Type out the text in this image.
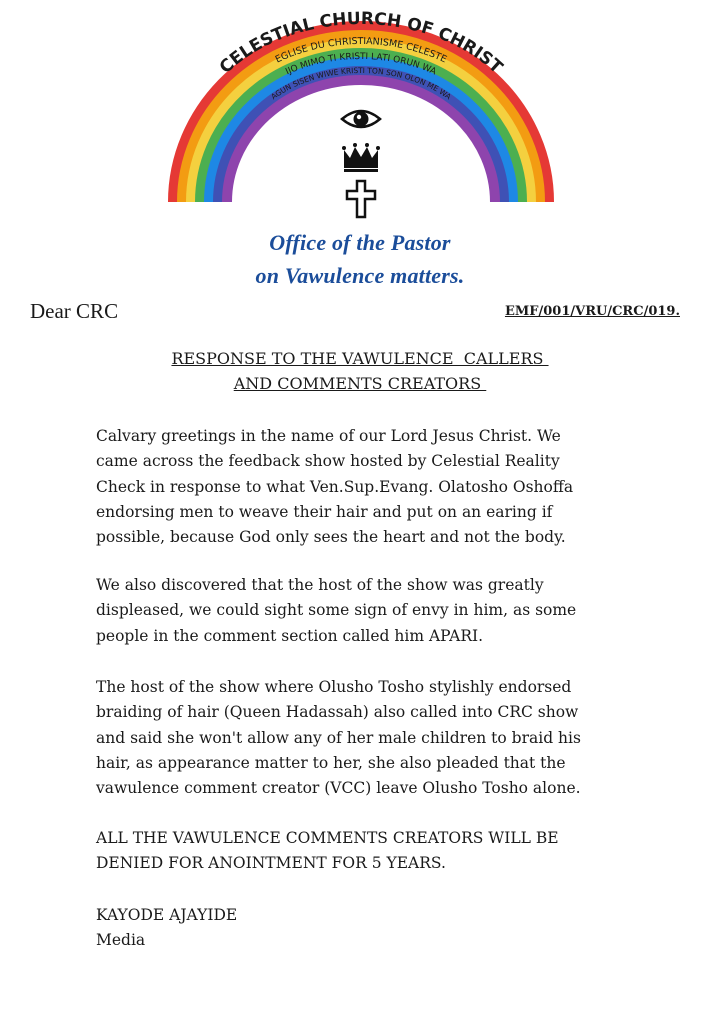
CELESTIAL CHURCH OF CHRIST
EGLISE DU CHRISTIANISME CELESTE
IJO MIMO TI KRISTI LATI ORUN WA
AGUN SISEN WIWE KRISTI TON SON OLON ME WA
Office of the Pastor
on Vawulence matters.
Dear CRC	EMF/001/VRU/CRC/019.
RESPONSE TO THE VAWULENCE  CALLERS
AND COMMENTS CREATORS
Calvary greetings in the name of our Lord Jesus Christ. We
came across the feedback show hosted by Celestial Reality
Check in response to what Ven.Sup.Evang. Olatosho Oshoffa
endorsing men to weave their hair and put on an earing if
possible, because God only sees the heart and not the body.
We also discovered that the host of the show was greatly
displeased, we could sight some sign of envy in him, as some
people in the comment section called him APARI.
The host of the show where Olusho Tosho stylishly endorsed
braiding of hair (Queen Hadassah) also called into CRC show
and said she won't allow any of her male children to braid his
hair, as appearance matter to her, she also pleaded that the
vawulence comment creator (VCC) leave Olusho Tosho alone.
ALL THE VAWULENCE COMMENTS CREATORS WILL BE
DENIED FOR ANOINTMENT FOR 5 YEARS.
KAYODE AJAYIDE
Media
